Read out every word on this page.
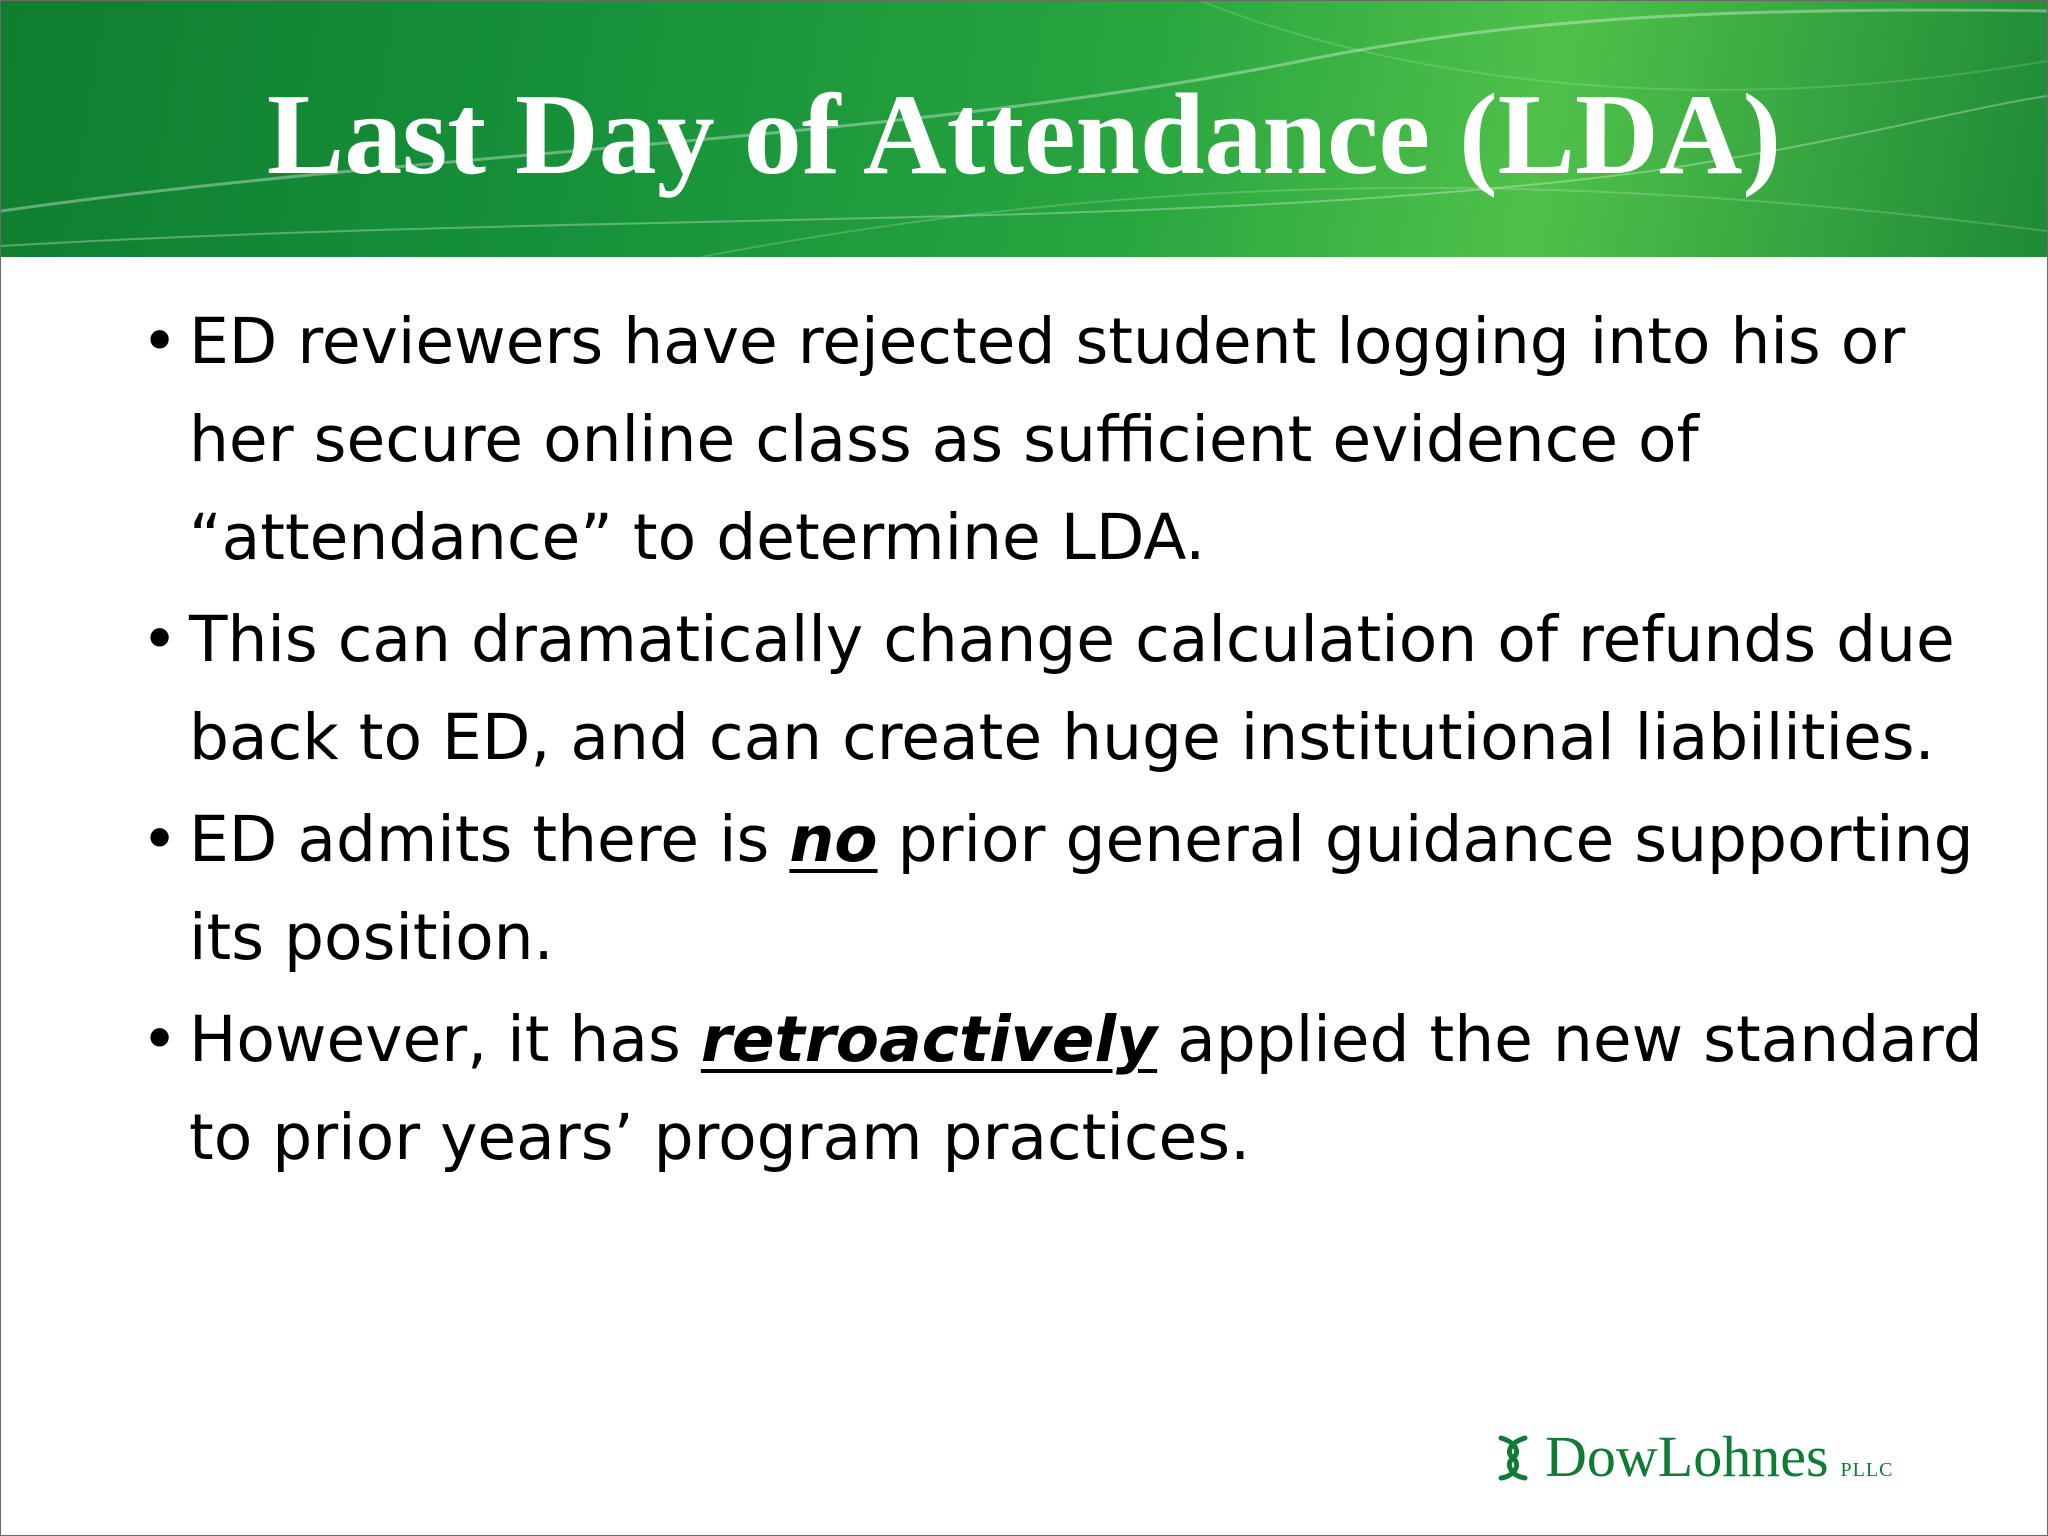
Last Day of Attendance (LDA)

• ED reviewers have rejected student logging into his or her secure online class as sufficient evidence of “attendance” to determine LDA.

• This can dramatically change calculation of refunds due back to ED, and can create huge institutional liabilities.

• ED admits there is no prior general guidance supporting its position.

• However, it has retroactively applied the new standard to prior years’ program practices.

DowLohnes PLLC
